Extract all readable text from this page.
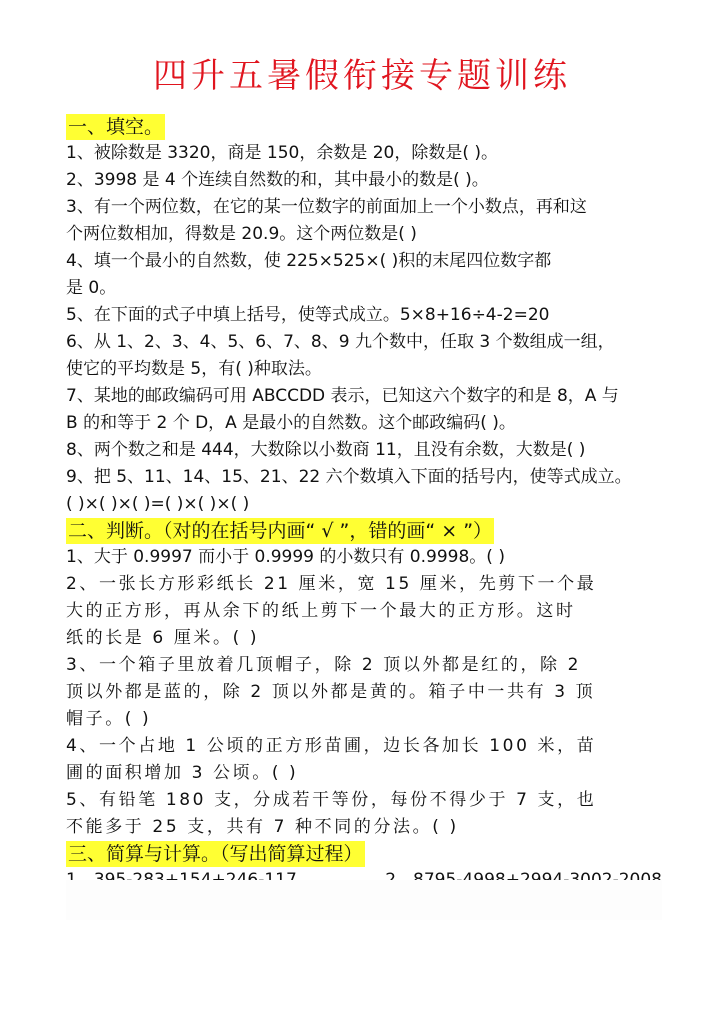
四升五暑假衔接专题训练
一、填空。
1、被除数是 3320，商是 150，余数是 20，除数是( )。
2、3998 是 4 个连续自然数的和，其中最小的数是( )。
3、有一个两位数，在它的某一位数字的前面加上一个小数点，再和这
个两位数相加，得数是 20.9。这个两位数是( )
4、填一个最小的自然数，使 225×525×( )积的末尾四位数字都
是 0。
5、在下面的式子中填上括号，使等式成立。5×8+16÷4-2=20
6、从 1、2、3、4、5、6、7、8、9 九个数中，任取 3 个数组成一组，
使它的平均数是 5，有( )种取法。
7、某地的邮政编码可用 ABCCDD 表示，已知这六个数字的和是 8，A 与
B 的和等于 2 个 D，A 是最小的自然数。这个邮政编码( )。
8、两个数之和是 444，大数除以小数商 11，且没有余数，大数是( )
9、把 5、11、14、15、21、22 六个数填入下面的括号内，使等式成立。
( )×( )×( )=( )×( )×( )
二、判断。（对的在括号内画“ √ ”，错的画“ × ”）
1、大于 0.9997 而小于 0.9999 的小数只有 0.9998。( )
2、一张长方形彩纸长 21 厘米，宽 15 厘米，先剪下一个最
大的正方形，再从余下的纸上剪下一个最大的正方形。这时
纸的长是 6 厘米。( )
3、一个箱子里放着几顶帽子，除 2 顶以外都是红的，除 2
顶以外都是蓝的，除 2 顶以外都是黄的。箱子中一共有 3 顶
帽子。( )
4、一个占地 1 公顷的正方形苗圃，边长各加长 100 米，苗
圃的面积增加 3 公顷。( )
5、有铅笔 180 支，分成若干等份，每份不得少于 7 支，也
不能多于 25 支，共有 7 种不同的分法。( )
三、简算与计算。（写出简算过程）
